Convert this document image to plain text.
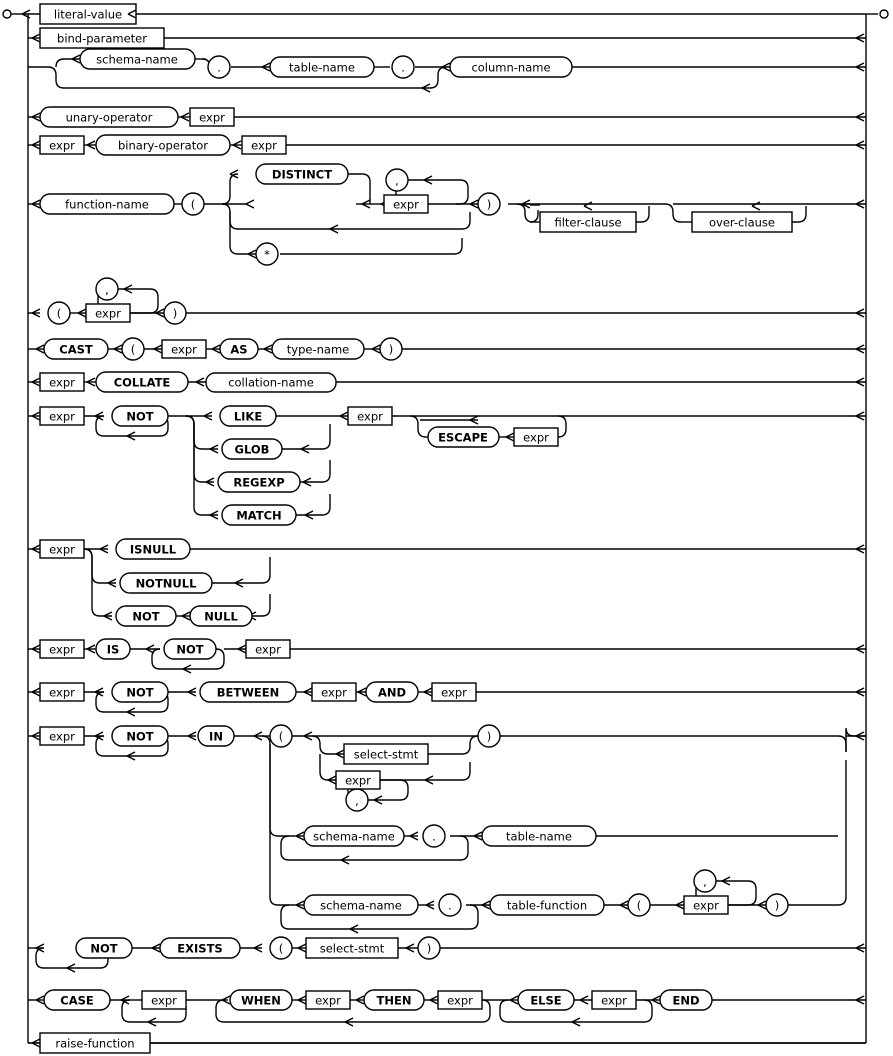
literal-value
bind-parameter
schema-name
.	table-name	.	column-name
unary-operator	expr
expr	binary-operator	expr
function-name	(
DISTINCT
expr
,
*
)
filter-clause	over-clause
(	expr
,
)
CAST	(	expr	AS	type-name	)
expr	COLLATE	collation-name
expr	NOT	LIKE
GLOB
REGEXP
MATCH
expr
ESCAPE	expr
expr	ISNULL
NOTNULL
NOT	NULL
expr	IS	NOT	expr
expr	NOT	BETWEEN	expr	AND	expr
expr	NOT	IN	(
select-stmt
expr
,
)
schema-name	.	table-name
schema-name	.	table-function	(	expr
,
)
NOT	EXISTS	(	select-stmt	)
CASE	expr	WHEN	expr	THEN	expr	ELSE	expr	END
raise-function
